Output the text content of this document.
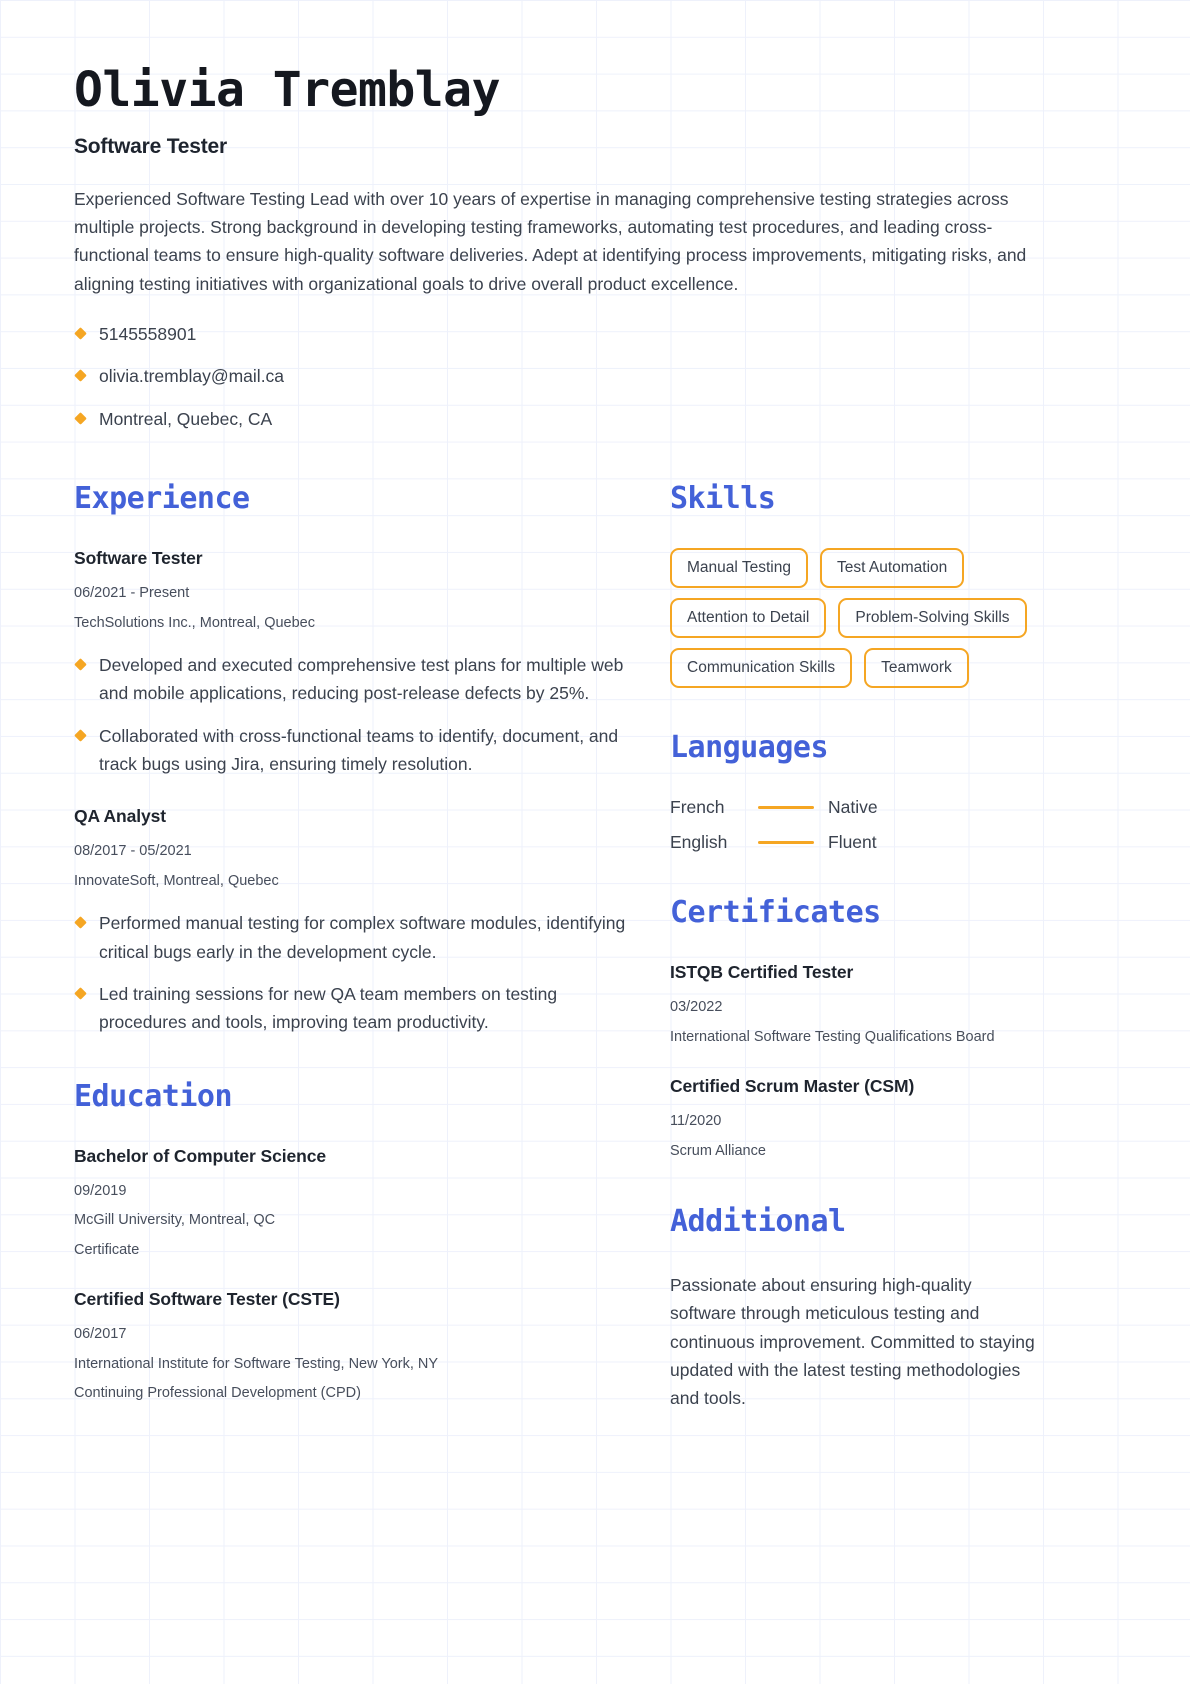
Olivia Tremblay
Software Tester

Experienced Software Testing Lead with over 10 years of expertise in managing comprehensive testing strategies across multiple projects. Strong background in developing testing frameworks, automating test procedures, and leading cross-functional teams to ensure high-quality software deliveries. Adept at identifying process improvements, mitigating risks, and aligning testing initiatives with organizational goals to drive overall product excellence.

5145558901
olivia.tremblay@mail.ca
Montreal, Quebec, CA
Experience
Software Tester
06/2021 - Present
TechSolutions Inc., Montreal, Quebec
Developed and executed comprehensive test plans for multiple web and mobile applications, reducing post-release defects by 25%.
Collaborated with cross-functional teams to identify, document, and track bugs using Jira, ensuring timely resolution.
QA Analyst
08/2017 - 05/2021
InnovateSoft, Montreal, Quebec
Performed manual testing for complex software modules, identifying critical bugs early in the development cycle.
Led training sessions for new QA team members on testing procedures and tools, improving team productivity.
Education
Bachelor of Computer Science
09/2019
McGill University, Montreal, QC
Certificate
Certified Software Tester (CSTE)
06/2017
International Institute for Software Testing, New York, NY
Continuing Professional Development (CPD)
Skills
Manual Testing	Test Automation
Attention to Detail	Problem-Solving Skills
Communication Skills	Teamwork
Languages
French	Native
English	Fluent
Certificates
ISTQB Certified Tester
03/2022
International Software Testing Qualifications Board
Certified Scrum Master (CSM)
11/2020
Scrum Alliance
Additional

Passionate about ensuring high-quality software through meticulous testing and continuous improvement. Committed to staying updated with the latest testing methodologies and tools.
